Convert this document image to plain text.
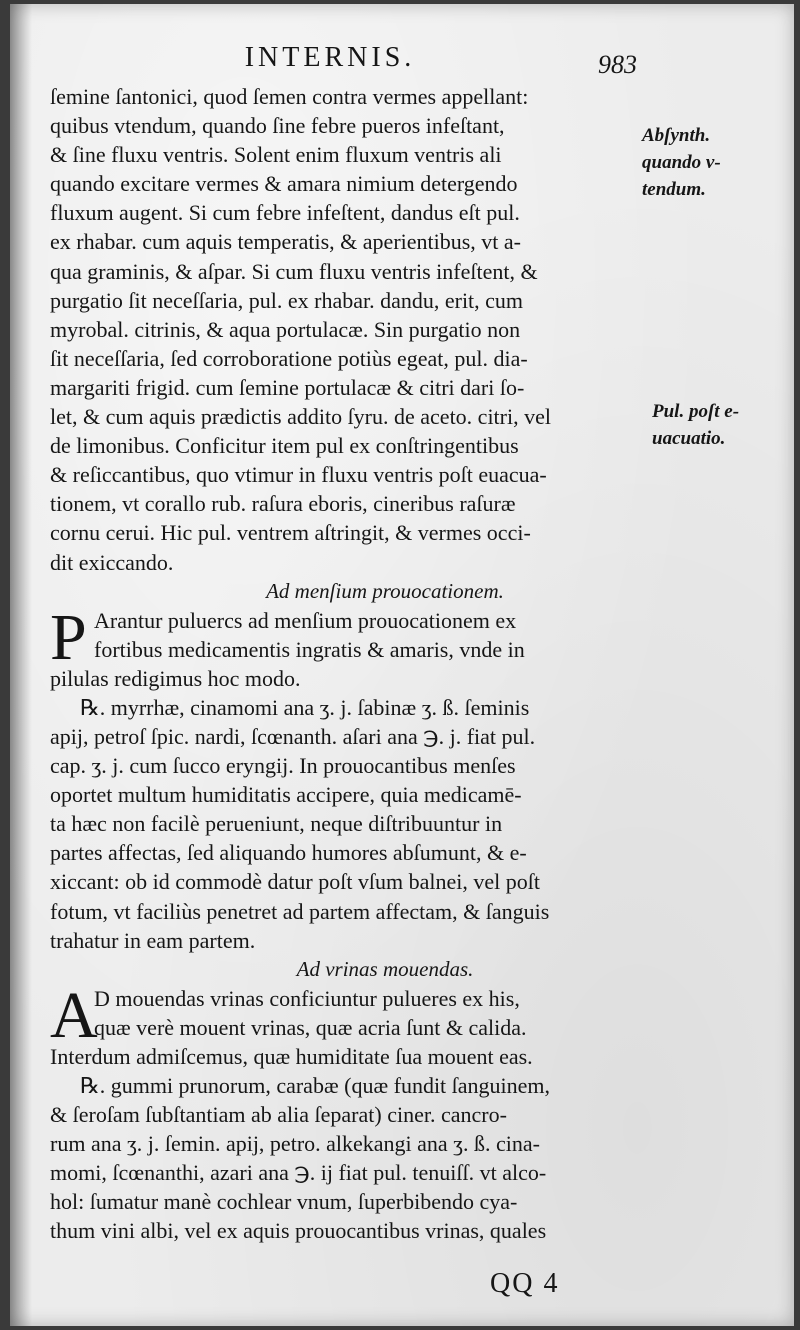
INTERNIS.	983
ſemine ſantonici, quod ſemen contra vermes appellant:
quibus vtendum, quando ſine febre pueros infeſtant,
& ſine fluxu ventris. Solent enim fluxum ventris ali
quando excitare vermes & amara nimium detergendo
fluxum augent. Si cum febre infeſtent, dandus eſt pul.
ex rhabar. cum aquis temperatis, & aperientibus, vt a-
qua graminis, & aſpar. Si cum fluxu ventris infeſtent, &
purgatio ſit neceſſaria, pul. ex rhabar. dandu, erit, cum
myrobal. citrinis, & aqua portulacæ. Sin purgatio non
ſit neceſſaria, ſed corroboratione potiùs egeat, pul. dia-
margariti frigid. cum ſemine portulacæ & citri dari ſo-
let, & cum aquis prædictis addito ſyru. de aceto. citri, vel
de limonibus. Conficitur item pul ex conſtringentibus
& reſiccantibus, quo vtimur in fluxu ventris poſt euacua-
tionem, vt corallo rub. raſura eboris, cineribus raſuræ
cornu cerui. Hic pul. ventrem aſtringit, & vermes occi-
dit exiccando.
Ad menſium prouocationem.
P Arantur puluercs ad menſium prouocationem ex
fortibus medicamentis ingratis & amaris, vnde in
pilulas redigimus hoc modo.
℞. myrrhæ, cinamomi ana ʒ. j. ſabinæ ʒ. ß. ſeminis
apij, petroſ ſpic. nardi, ſcœnanth. aſari ana ℈. j. fiat pul.
cap. ʒ. j. cum ſucco eryngij. In prouocantibus menſes
oportet multum humiditatis accipere, quia medicamē-
ta hæc non facilè perueniunt, neque diſtribuuntur in
partes affectas, ſed aliquando humores abſumunt, & e-
xiccant: ob id commodè datur poſt vſum balnei, vel poſt
fotum, vt faciliùs penetret ad partem affectam, & ſanguis
trahatur in eam partem.
Ad vrinas mouendas.
A
D mouendas vrinas conficiuntur pulueres ex his,
quæ verè mouent vrinas, quæ acria ſunt & calida.
Interdum admiſcemus, quæ humiditate ſua mouent eas.
℞. gummi prunorum, carabæ (quæ fundit ſanguinem,
& ſeroſam ſubſtantiam ab alia ſeparat) ciner. cancro-
rum ana ʒ. j. ſemin. apij, petro. alkekangi ana ʒ. ß. cina-
momi, ſcœnanthi, azari ana ℈. ij fiat pul. tenuiſſ. vt alco-
hol: ſumatur manè cochlear vnum, ſuperbibendo cya-
thum vini albi, vel ex aquis prouocantibus vrinas, quales
Abſynth.
quando v-
tendum.
Pul. poſt e-
uacuatio.
QQ 4
